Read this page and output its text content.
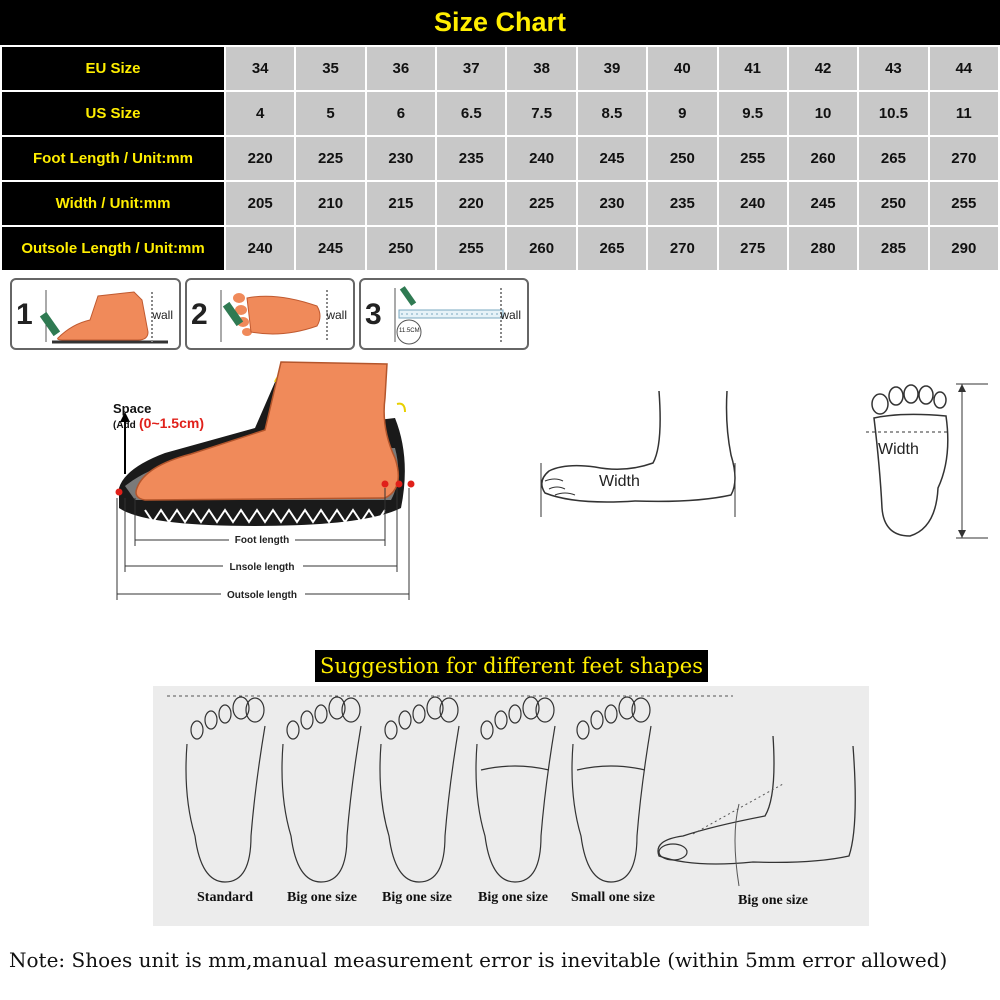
Size Chart
EU Size	34	35	36	37	38	39	40	41	42	43	44
US Size	4	5	6	6.5	7.5	8.5	9	9.5	10	10.5	11
Foot Length / Unit:mm	220	225	230	235	240	245	250	255	260	265	270
Width / Unit:mm	205	210	215	220	225	230	235	240	245	250	255
Outsole Length / Unit:mm	240	245	250	255	260	265	270	275	280	285	290
1	wall 2	wall 3	wall
11.5CM
Foot length
Lnsole length
Outsole length
Space
(Add (0~1.5cm)
Width
Width
Suggestion for different feet shapes
Standard Big one size Big one size Big one size Small one size	Big one size
Note: Shoes unit is mm,manual measurement error is inevitable (within 5mm error allowed)
